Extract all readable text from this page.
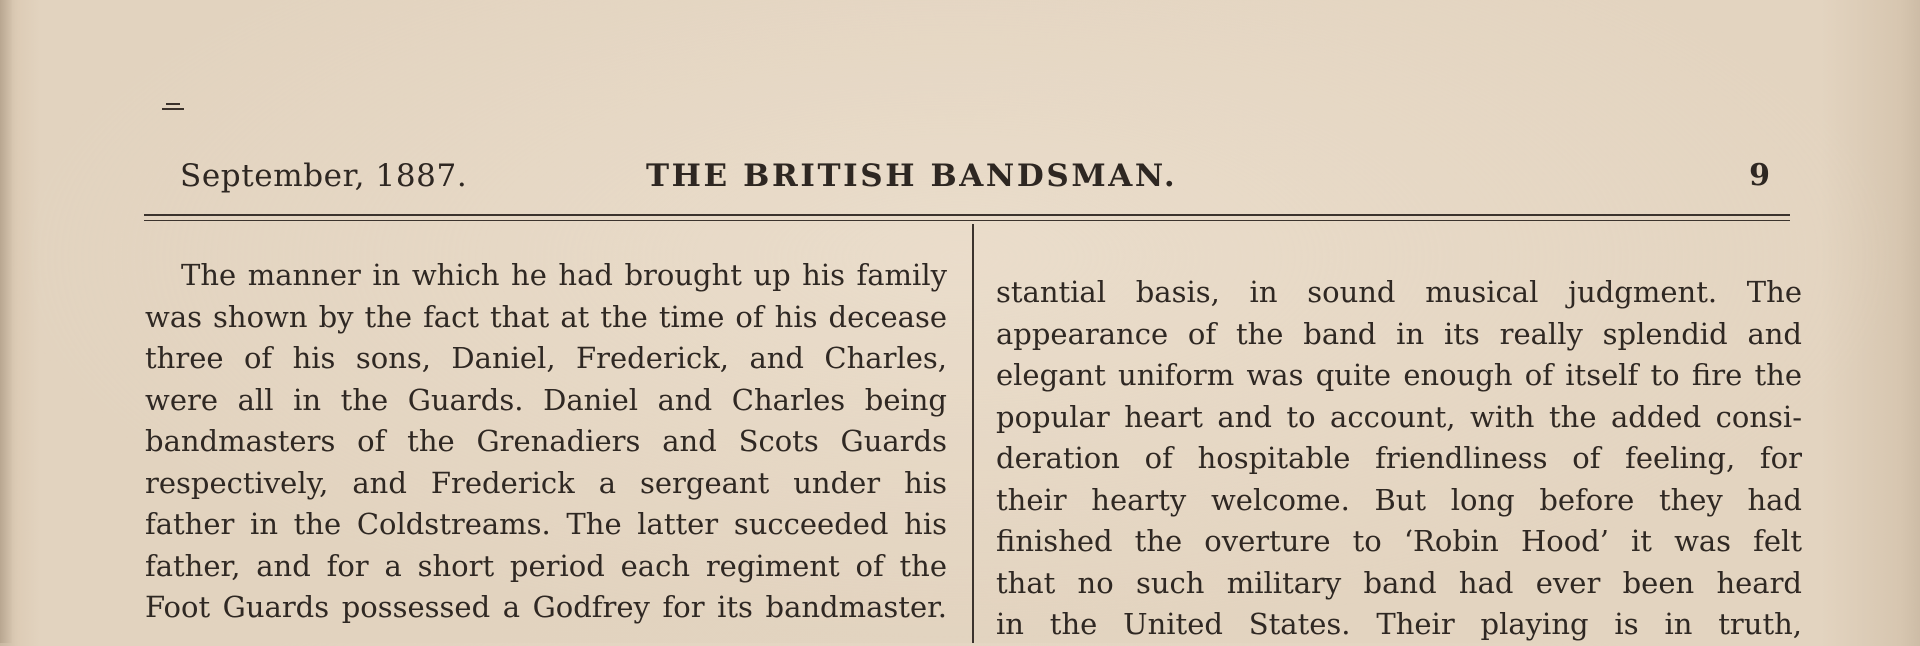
September, 1887.	THE BRITISH BANDSMAN.	9
The manner in which he had brought up his family
was shown by the fact that at the time of his decease
three of his sons, Daniel, Frederick, and Charles,
were all in the Guards. Daniel and Charles being
bandmasters of the Grenadiers and Scots Guards
respectively, and Frederick a sergeant under his
father in the Coldstreams. The latter succeeded his
father, and for a short period each regiment of the
Foot Guards possessed a Godfrey for its bandmaster.
stantial basis, in sound musical judgment. The
appearance of the band in its really splendid and
elegant uniform was quite enough of itself to fire the
popular heart and to account, with the added consi-
deration of hospitable friendliness of feeling, for
their hearty welcome. But long before they had
finished the overture to ‘Robin Hood’ it was felt
that no such military band had ever been heard
in the United States. Their playing is in truth,
